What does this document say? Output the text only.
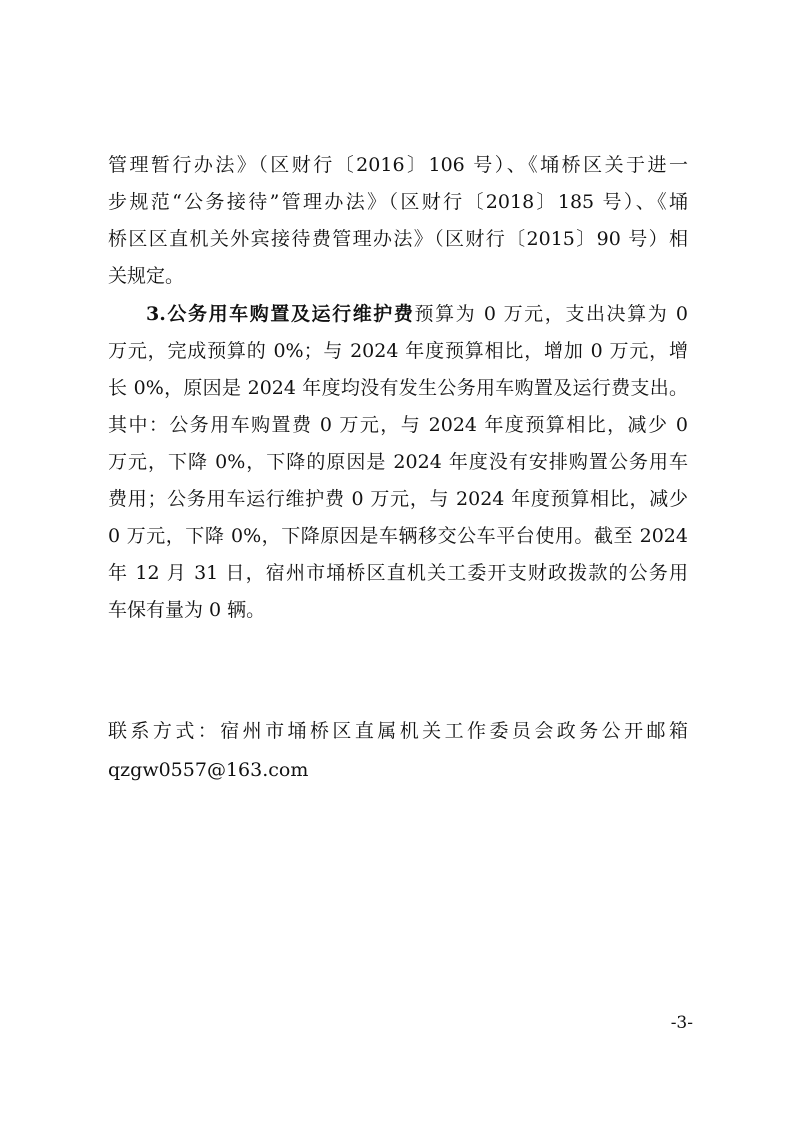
管理暂行办法》（区财行〔2016〕106 号）、《埇桥区关于进一
步规范“公务接待”管理办法》（区财行〔2018〕185 号）、《埇
桥区区直机关外宾接待费管理办法》（区财行〔2015〕90 号）相
关规定。
3.公务用车购置及运行维护费预算为 0 万元，支出决算为 0
万元，完成预算的 0%；与 2024 年度预算相比，增加 0 万元，增
长 0%，原因是 2024 年度均没有发生公务用车购置及运行费支出。
其中：公务用车购置费 0 万元，与 2024 年度预算相比，减少 0
万元，下降 0%，下降的原因是 2024 年度没有安排购置公务用车
费用；公务用车运行维护费 0 万元，与 2024 年度预算相比，减少
0 万元，下降 0%，下降原因是车辆移交公车平台使用。截至 2024
年 12 月 31 日，宿州市埇桥区直机关工委开支财政拨款的公务用
车保有量为 0 辆。
联系方式：宿州市埇桥区直属机关工作委员会政务公开邮箱
qzgw0557@163.com
-3-
